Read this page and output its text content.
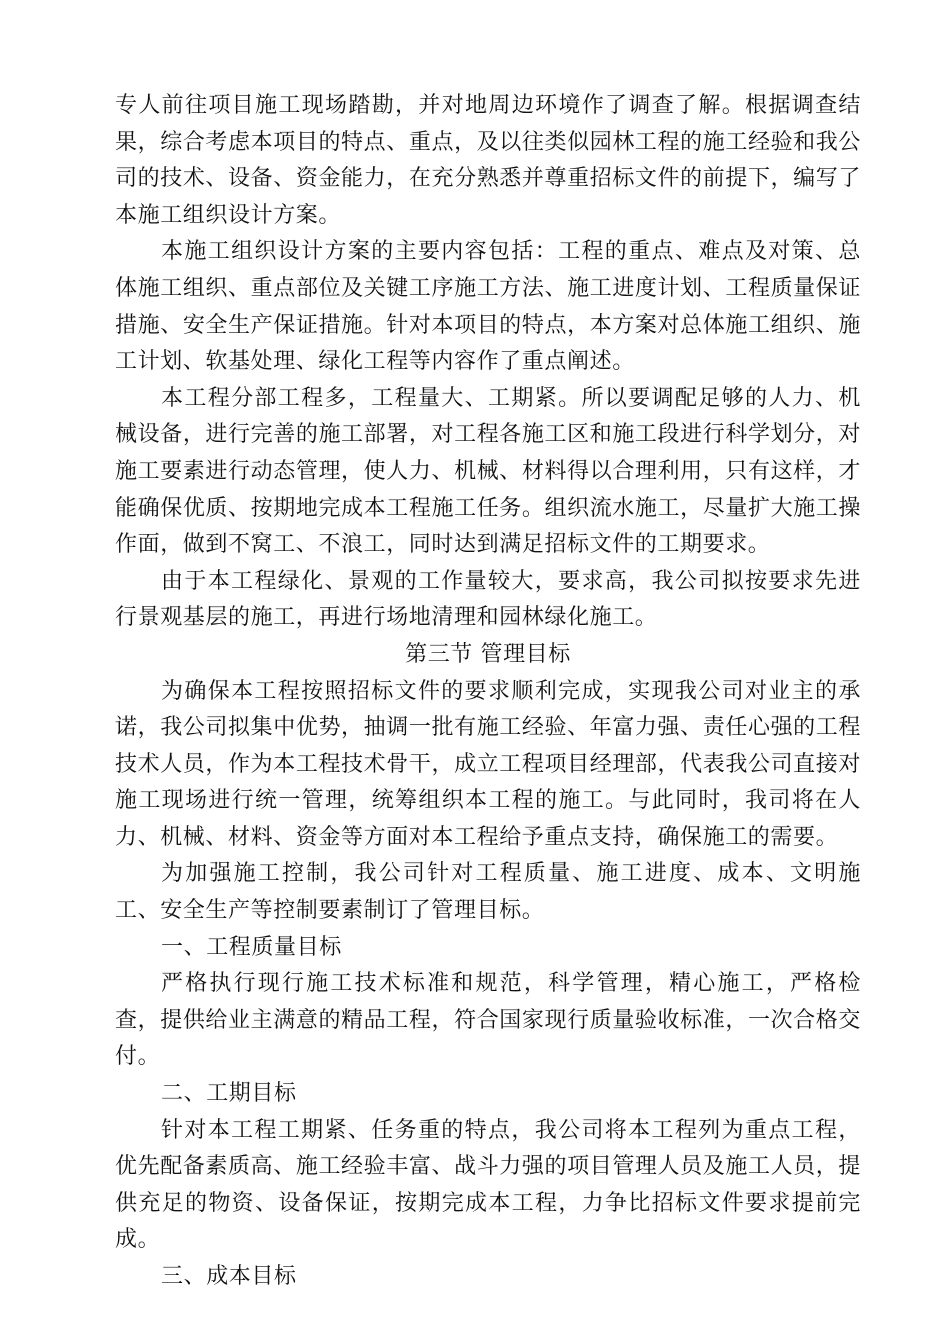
专人前往项目施工现场踏勘，并对地周边环境作了调查了解。根据调查结果，综合考虑本项目的特点、重点，及以往类似园林工程的施工经验和我公司的技术、设备、资金能力，在充分熟悉并尊重招标文件的前提下，编写了本施工组织设计方案。

本施工组织设计方案的主要内容包括：工程的重点、难点及对策、总体施工组织、重点部位及关键工序施工方法、施工进度计划、工程质量保证措施、安全生产保证措施。针对本项目的特点，本方案对总体施工组织、施工计划、软基处理、绿化工程等内容作了重点阐述。

本工程分部工程多，工程量大、工期紧。所以要调配足够的人力、机械设备，进行完善的施工部署，对工程各施工区和施工段进行科学划分，对施工要素进行动态管理，使人力、机械、材料得以合理利用，只有这样，才能确保优质、按期地完成本工程施工任务。组织流水施工，尽量扩大施工操作面，做到不窝工、不浪工，同时达到满足招标文件的工期要求。

由于本工程绿化、景观的工作量较大，要求高，我公司拟按要求先进行景观基层的施工，再进行场地清理和园林绿化施工。

第三节 管理目标

为确保本工程按照招标文件的要求顺利完成，实现我公司对业主的承诺，我公司拟集中优势，抽调一批有施工经验、年富力强、责任心强的工程技术人员，作为本工程技术骨干，成立工程项目经理部，代表我公司直接对施工现场进行统一管理，统筹组织本工程的施工。与此同时，我司将在人力、机械、材料、资金等方面对本工程给予重点支持，确保施工的需要。

为加强施工控制，我公司针对工程质量、施工进度、成本、文明施工、安全生产等控制要素制订了管理目标。

一、工程质量目标

严格执行现行施工技术标准和规范，科学管理，精心施工，严格检查，提供给业主满意的精品工程，符合国家现行质量验收标准，一次合格交付。

二、工期目标

针对本工程工期紧、任务重的特点，我公司将本工程列为重点工程，优先配备素质高、施工经验丰富、战斗力强的项目管理人员及施工人员，提供充足的物资、设备保证，按期完成本工程，力争比招标文件要求提前完成。

三、成本目标
